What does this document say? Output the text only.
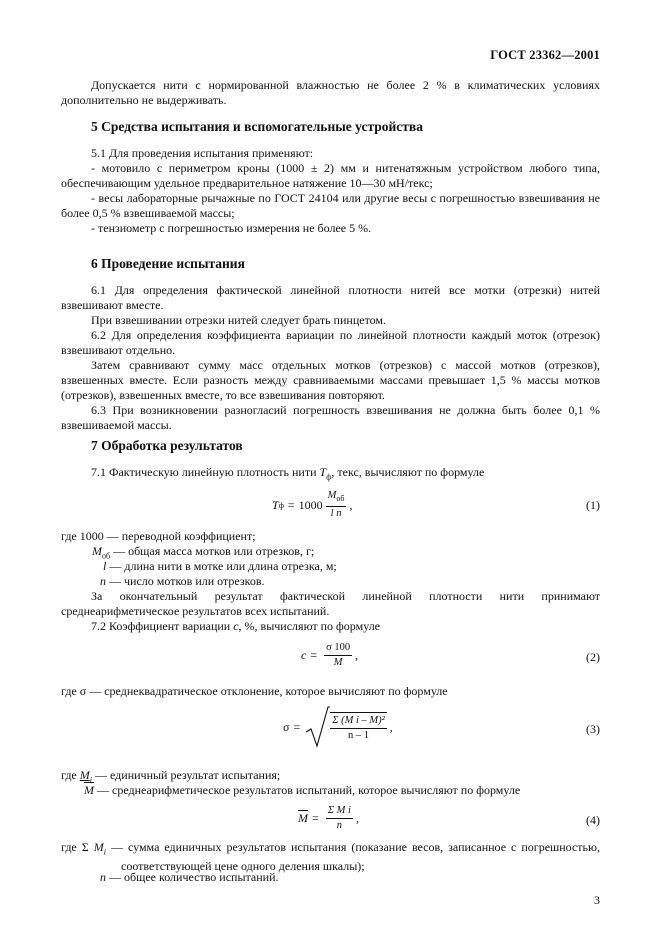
ГОСТ 23362—2001
Допускается нити с нормированной влажностью не более 2 % в климатических условиях дополнительно не выдерживать.
5 Средства испытания и вспомогательные устройства
5.1 Для проведения испытания применяют:
- мотовило с периметром кроны (1000 ± 2) мм и нитенатяжным устройством любого типа, обеспечивающим удельное предварительное натяжение 10—30 мН/текс;
- весы лабораторные рычажные по ГОСТ 24104 или другие весы с погрешностью взвешивания не более 0,5 % взвешиваемой массы;
- тензиометр с погрешностью измерения не более 5 %.
6 Проведение испытания
6.1 Для определения фактической линейной плотности нитей все мотки (отрезки) нитей взвешивают вместе.
При взвешивании отрезки нитей следует брать пинцетом.
6.2 Для определения коэффициента вариации по линейной плотности каждый моток (отрезок) взвешивают отдельно.
Затем сравнивают сумму масс отдельных мотков (отрезков) с массой мотков (отрезков), взвешенных вместе. Если разность между сравниваемыми массами превышает 1,5 % массы мотков (отрезков), взвешенных вместе, то все взвешивания повторяют.
6.3 При возникновении разногласий погрешность взвешивания не должна быть более 0,1 % взвешиваемой массы.
7 Обработка результатов
7.1 Фактическую линейную плотность нити $T_ф$, текс, вычисляют по формуле
T $ф = 1000 \frac{M_{об}}{\text{l n}}$ ,	(1)
где 1000 — переводной коэффициент;
$M_{об}$ — общая масса мотков или отрезков, г;
l — длина нити в мотке или длина отрезка, м;
n — число мотков или отрезков.
За окончательный результат фактической линейной плотности нити принимают среднеарифметическое результатов всех испытаний.
7.2 Коэффициент вариации c, %, вычисляют по формуле
$c = \frac{\sigma 100}{M}$ ,	(2)
где σ — среднеквадратическое отклонение, которое вычисляют по формуле
σ =	$\frac{\text{Σ (M i – M)²}}{n - 1}$ ,	(3)
где $M_i$ — единичный результат испытания;
$\overline{M}$ — среднеарифметическое результатов испытаний, которое вычисляют по формуле
$\overline{M} = \frac{\text{Σ M i}}{n}$ ,	(4)
где Σ $M_i$ — сумма единичных результатов испытания (показание весов, записанное с погрешностью, соответствующей цене одного деления шкалы);
n — общее количество испытаний.
3
